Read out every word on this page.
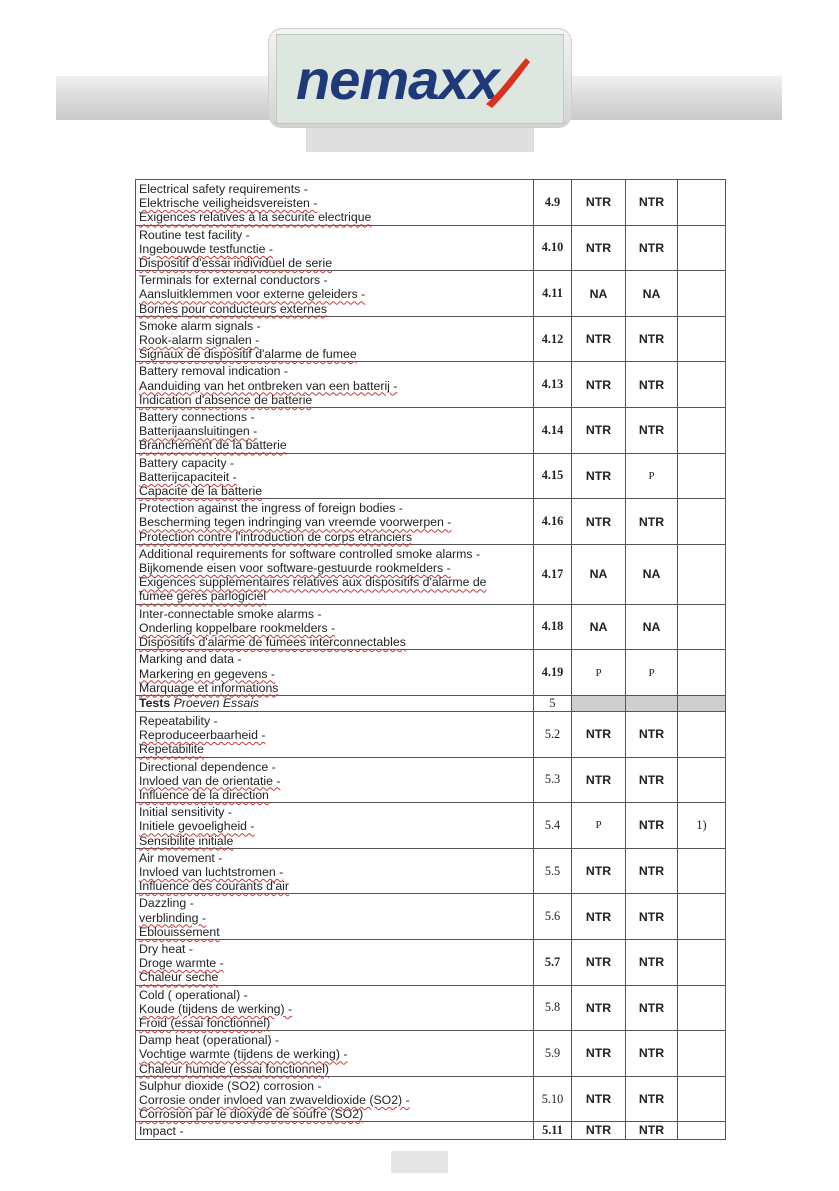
nemaxx
Electrical safety requirements -
Elektrische veiligheidsvereisten -
Exigences relatives à la securite electrique	4.9	NTR	NTR	

Routine test facility -
Ingebouwde testfunctie -
Dispositif d'essai individuel de serie	4.10	NTR	NTR	

Terminals for external conductors -
Aansluitklemmen voor externe geleiders -
Bornes pour conducteurs externes	4.11	NA	NA	

Smoke alarm signals -
Rook-alarm signalen -
Signaux de dispositif d'alarme de fumee	4.12	NTR	NTR	

Battery removal indication -
Aanduiding van het ontbreken van een batterij -
Indication d'absence de batterie	4.13	NTR	NTR	

Battery connections -
Batterijaansluitingen -
Branchement de la batterie	4.14	NTR	NTR	

Battery capacity -
Batterijcapaciteit -
Capacite de la batterie	4.15	NTR	P	

Protection against the ingress of foreign bodies -
Bescherming tegen indringing van vreemde voorwerpen -
Protection contre l'introduction de corps etranciers	4.16	NTR	NTR	

Additional requirements for software controlled smoke alarms -
Bijkomende eisen voor software-gestuurde rookmelders -
Exigences supplementaires relatives aux dispositifs d'alarme de
fumee geres parlogiciel	4.17	NA	NA	

Inter-connectable smoke alarms -
Onderling koppelbare rookmelders -
Dispositifs d'alarme de fumees interconnectables	4.18	NA	NA	

Marking and data -
Markering en gegevens -
Marquage et informations	4.19	P	P	
Tests Proeven Essais	5			

Repeatability -
Reproduceerbaarheid -
Repetabilite	5.2	NTR	NTR	

Directional dependence -
Invloed van de orientatie -
Influence de la direction	5.3	NTR	NTR	

Initial sensitivity -
Initiele gevoeligheid -
Sensibilite initiale	5.4	P	NTR	1)

Air movement -
Invloed van luchtstromen -
Influence des courants d'air	5.5	NTR	NTR	

Dazzling -
verblinding -
Eblouissement	5.6	NTR	NTR	

Dry heat -
Droge warmte -
Chaleur seche	5.7	NTR	NTR	

Cold ( operational) -
Koude (tijdens de werking) -
Froid (essai fonctionnel)	5.8	NTR	NTR	

Damp heat (operational) -
Vochtige warmte (tijdens de werking) -
Chaleur humide (essai fonctionnel)	5.9	NTR	NTR	

Sulphur dioxide (SO2) corrosion -
Corrosie onder invloed van zwaveldioxide (SO2) -
Corrosion par le dioxyde de soufre (SO2)	5.10	NTR	NTR	

Impact -	5.11	NTR	NTR	
